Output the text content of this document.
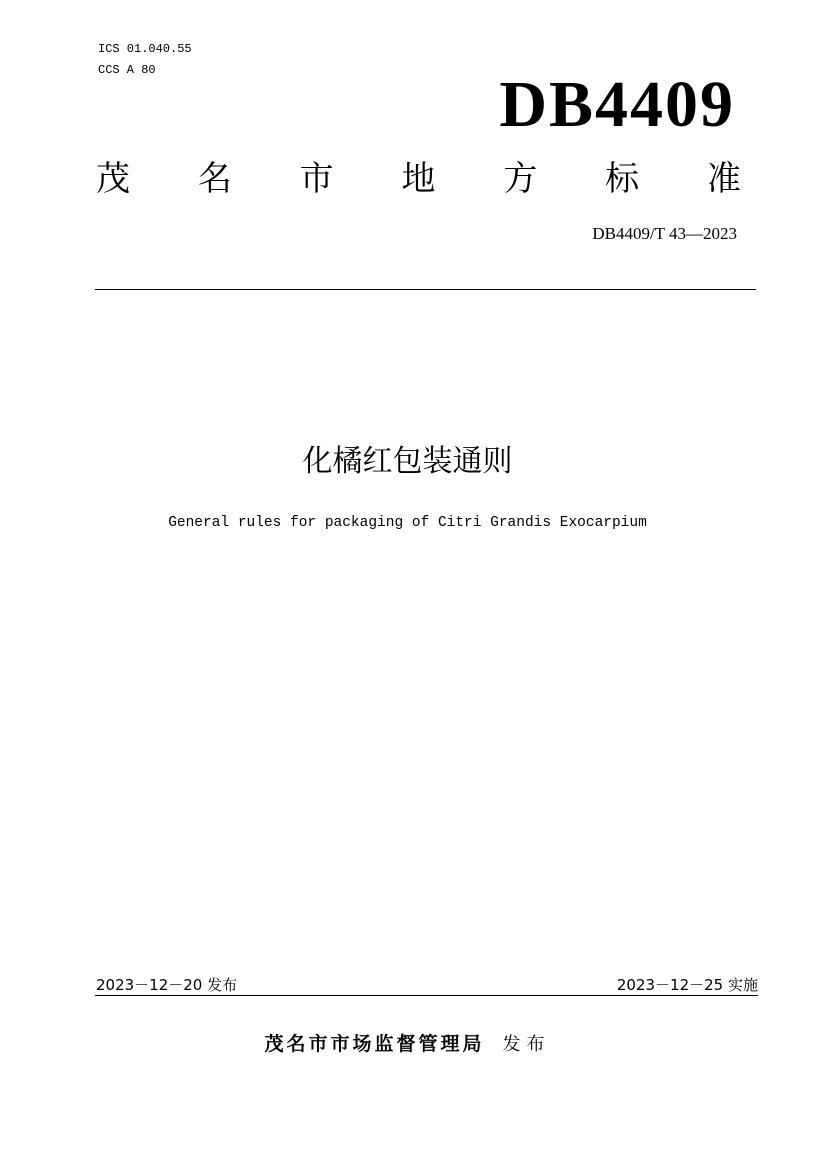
ICS 01.040.55
CCS A 80	DB4409
茂 名 市 地 方 标 准
DB4409/T 43—2023
化橘红包装通则
General rules for packaging of Citri Grandis Exocarpium
2023－12－20 发布	2023－12－25 实施
茂名市市场监督管理局 发布
